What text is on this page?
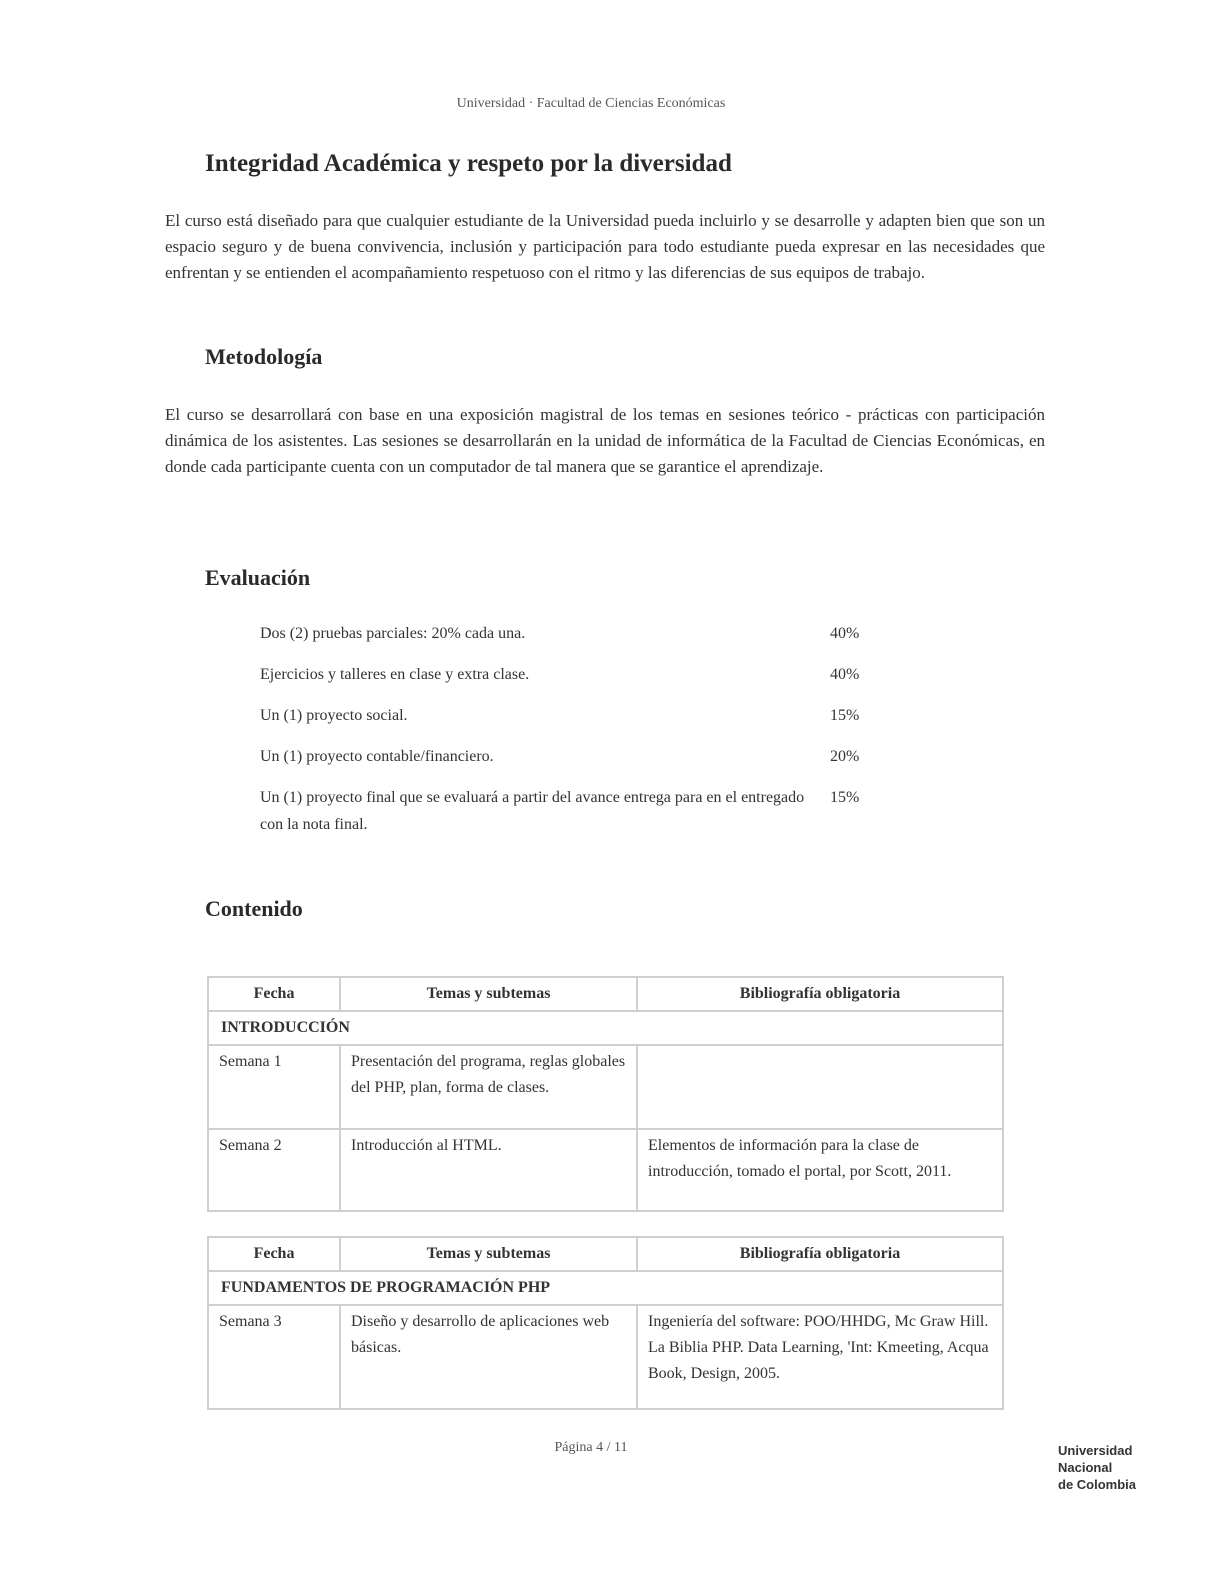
Universidad · Facultad de Ciencias Económicas
Integridad Académica y respeto por la diversidad

El curso está diseñado para que cualquier estudiante de la Universidad pueda incluirlo y se desarrolle y adapten bien que son un espacio seguro y de buena convivencia, inclusión y participación para todo estudiante pueda expresar en las necesidades que enfrentan y se entienden el acompañamiento respetuoso con el ritmo y las diferencias de sus equipos de trabajo.

Metodología

El curso se desarrollará con base en una exposición magistral de los temas en sesiones teórico - prácticas con participación dinámica de los asistentes. Las sesiones se desarrollarán en la unidad de informática de la Facultad de Ciencias Económicas, en donde cada participante cuenta con un computador de tal manera que se garantice el aprendizaje.

Evaluación
Dos (2) pruebas parciales: 20% cada una.	40%
Ejercicios y talleres en clase y extra clase.	40%
Un (1) proyecto social.	15%
Un (1) proyecto contable/financiero.	20%
Un (1) proyecto final que se evaluará a partir del avance entrega para en el entregado con la nota final.
15%
Contenido
Fecha	Temas y subtemas	Bibliografía obligatoria
INTRODUCCIÓN		
Semana 1	Presentación del programa, reglas globales del PHP, plan, forma de clases.	
Semana 2	Introducción al HTML.	Elementos de información para la clase de introducción, tomado el portal, por Scott, 2011.
Fecha	Temas y subtemas	Bibliografía obligatoria
FUNDAMENTOS DE PROGRAMACIÓN PHP		
Semana 3	Diseño y desarrollo de aplicaciones web básicas.	Ingeniería del software: POO/HHDG, Mc Graw Hill. La Biblia PHP. Data Learning, 'Int: Kmeeting, Acqua Book, Design, 2005.
Página 4 / 11	Universidad
Nacional
de Colombia
